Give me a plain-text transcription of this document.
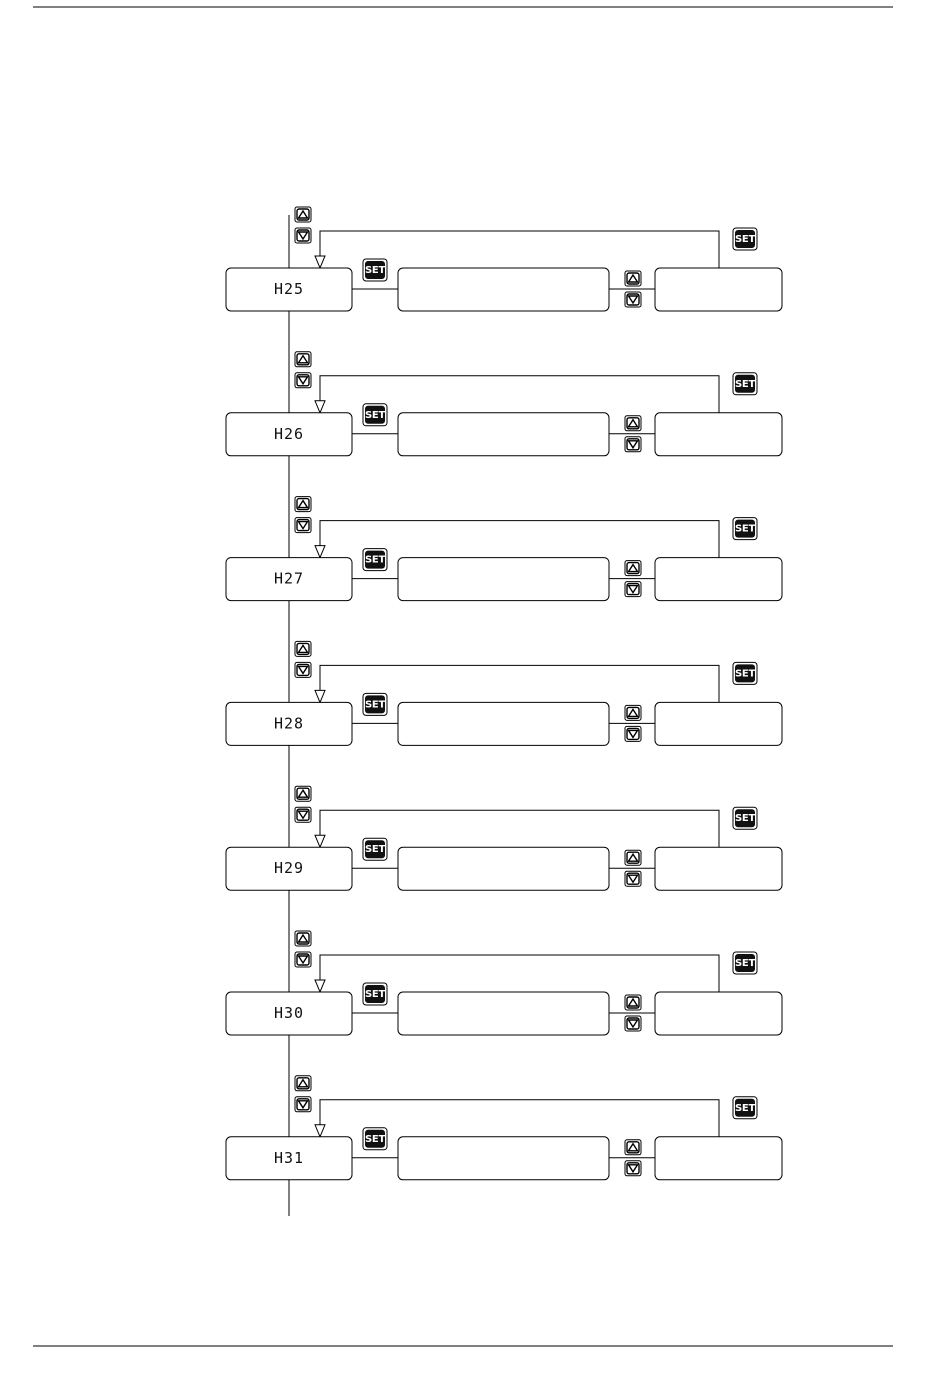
SET
H25
SET
SET
H26
SET
SET
H27
SET
SET
H28
SET
SET
H29
SET
SET
H30
SET
SET
H31
SET
